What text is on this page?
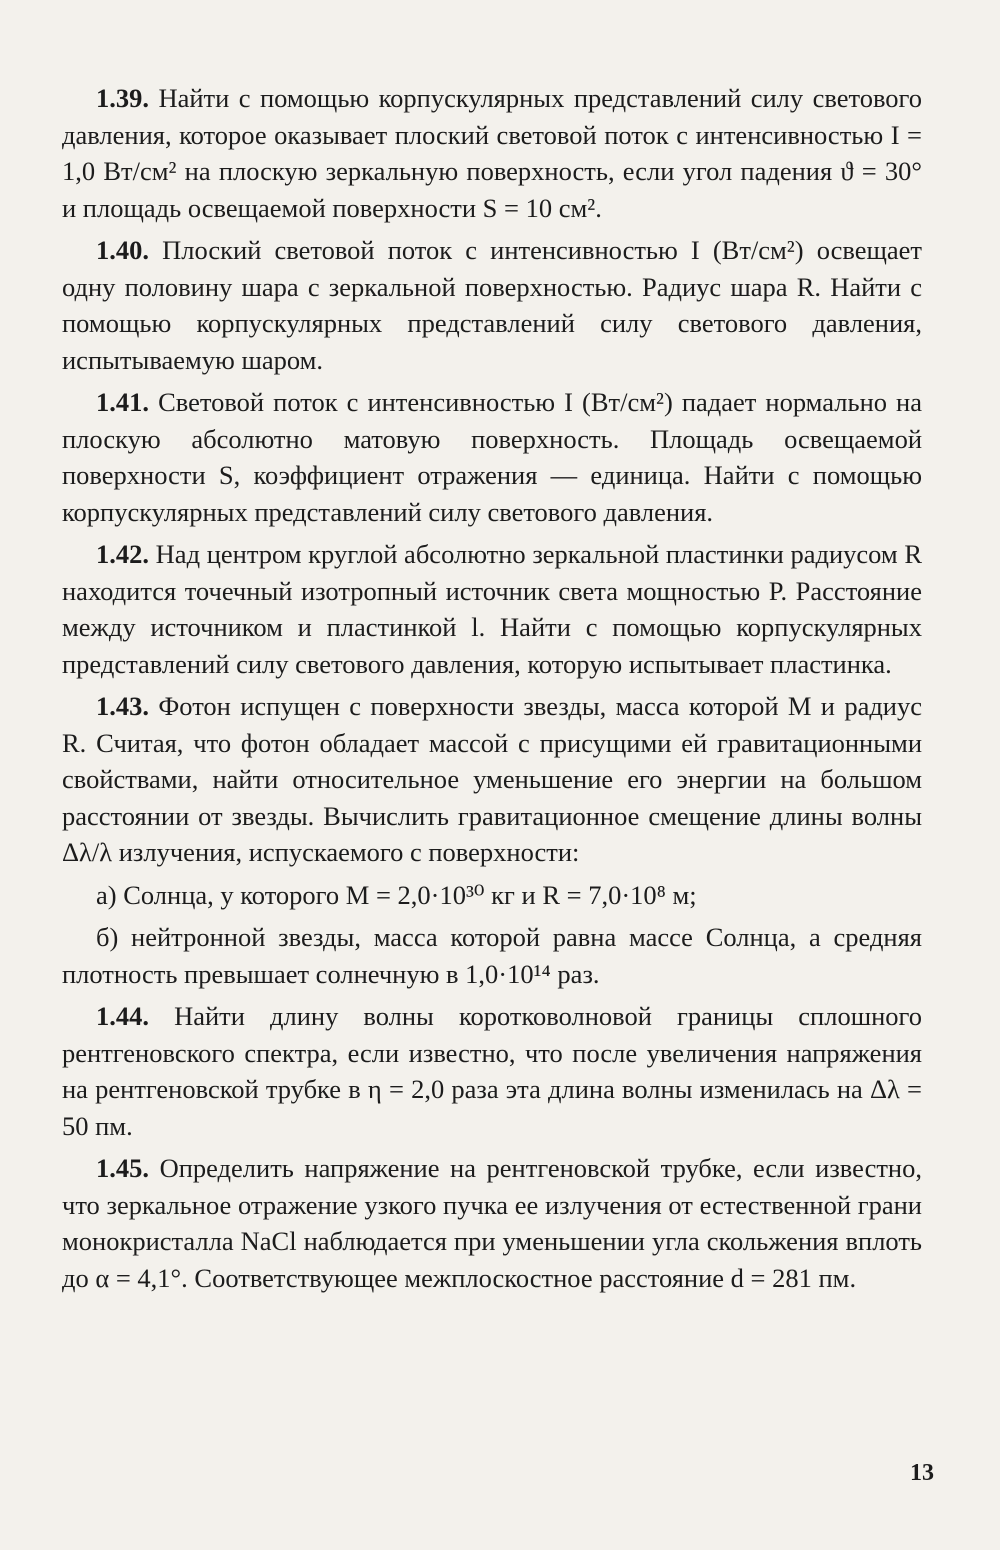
1.39. Найти с помощью корпускулярных представлений силу светового давления, которое оказывает плоский световой поток с интенсивностью I = 1,0 Вт/см² на плоскую зеркальную поверхность, если угол падения ϑ = 30° и площадь освещаемой поверхности S = 10 см².

1.40. Плоский световой поток с интенсивностью I (Вт/см²) освещает одну половину шара с зеркальной поверхностью. Радиус шара R. Найти с помощью корпускулярных представлений силу светового давления, испытываемую шаром.

1.41. Световой поток с интенсивностью I (Вт/см²) падает нормально на плоскую абсолютно матовую поверхность. Площадь освещаемой поверхности S, коэффициент отражения — единица. Найти с помощью корпускулярных представлений силу светового давления.

1.42. Над центром круглой абсолютно зеркальной пластинки радиусом R находится точечный изотропный источник света мощностью P. Расстояние между источником и пластинкой l. Найти с помощью корпускулярных представлений силу светового давления, которую испытывает пластинка.

1.43. Фотон испущен с поверхности звезды, масса которой M и радиус R. Считая, что фотон обладает массой с присущими ей гравитационными свойствами, найти относительное уменьшение его энергии на большом расстоянии от звезды. Вычислить гравитационное смещение длины волны Δλ/λ излучения, испускаемого с поверхности:

а) Солнца, у которого M = 2,0·10³⁰ кг и R = 7,0·10⁸ м;

б) нейтронной звезды, масса которой равна массе Солнца, а средняя плотность превышает солнечную в 1,0·10¹⁴ раз.

1.44. Найти длину волны коротковолновой границы сплошного рентгеновского спектра, если известно, что после увеличения напряжения на рентгеновской трубке в η = 2,0 раза эта длина волны изменилась на Δλ = 50 пм.

1.45. Определить напряжение на рентгеновской трубке, если известно, что зеркальное отражение узкого пучка ее излучения от естественной грани монокристалла NaCl наблюдается при уменьшении угла скольжения вплоть до α = 4,1°. Соответствующее межплоскостное расстояние d = 281 пм.

13
